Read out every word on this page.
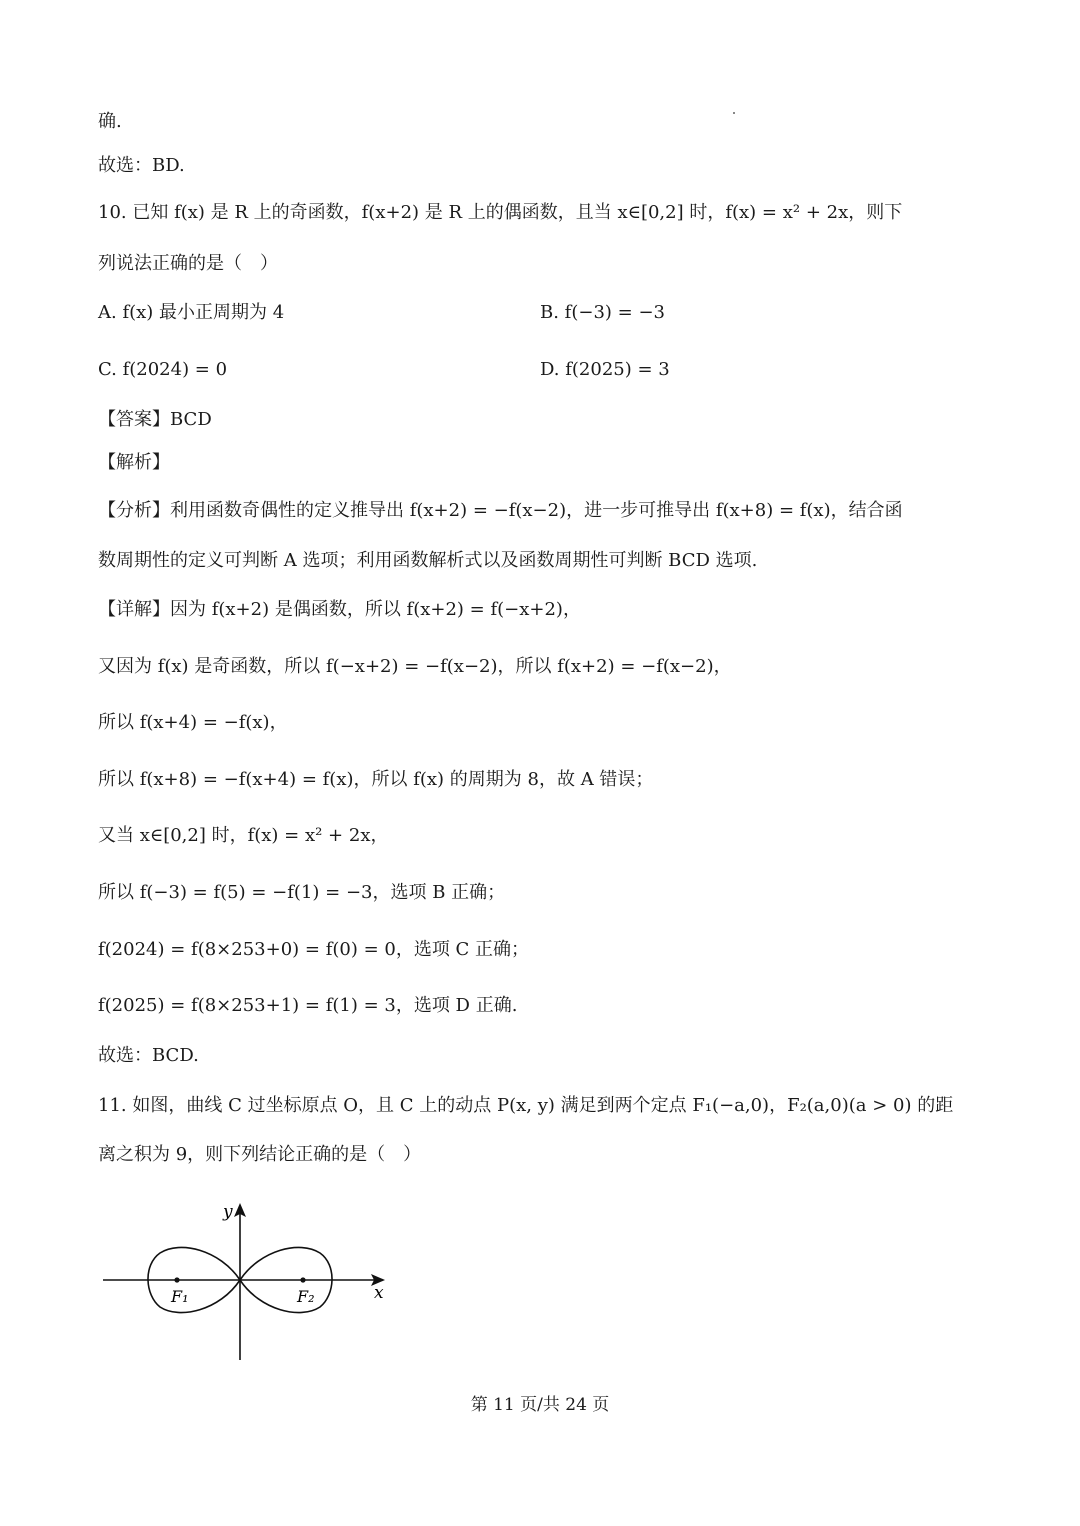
确.
故选：BD.
10. 已知 f(x) 是 R 上的奇函数，f(x+2) 是 R 上的偶函数，且当 x∈[0,2] 时，f(x) = x² + 2x，则下
列说法正确的是（　）
A. f(x) 最小正周期为 4	B. f(−3) = −3
C. f(2024) = 0	D. f(2025) = 3
【答案】BCD
【解析】
【分析】利用函数奇偶性的定义推导出 f(x+2) = −f(x−2)，进一步可推导出 f(x+8) = f(x)，结合函
数周期性的定义可判断 A 选项；利用函数解析式以及函数周期性可判断 BCD 选项.
【详解】因为 f(x+2) 是偶函数，所以 f(x+2) = f(−x+2)，
又因为 f(x) 是奇函数，所以 f(−x+2) = −f(x−2)，所以 f(x+2) = −f(x−2)，
所以 f(x+4) = −f(x)，
所以 f(x+8) = −f(x+4) = f(x)，所以 f(x) 的周期为 8，故 A 错误；
又当 x∈[0,2] 时，f(x) = x² + 2x，
所以 f(−3) = f(5) = −f(1) = −3，选项 B 正确；
f(2024) = f(8×253+0) = f(0) = 0，选项 C 正确；
f(2025) = f(8×253+1) = f(1) = 3，选项 D 正确.
故选：BCD.
11. 如图，曲线 C 过坐标原点 O，且 C 上的动点 P(x, y) 满足到两个定点 F₁(−a,0)，F₂(a,0)(a > 0) 的距
离之积为 9，则下列结论正确的是（　）
y
x
F₁	F₂
第 11 页/共 24 页
